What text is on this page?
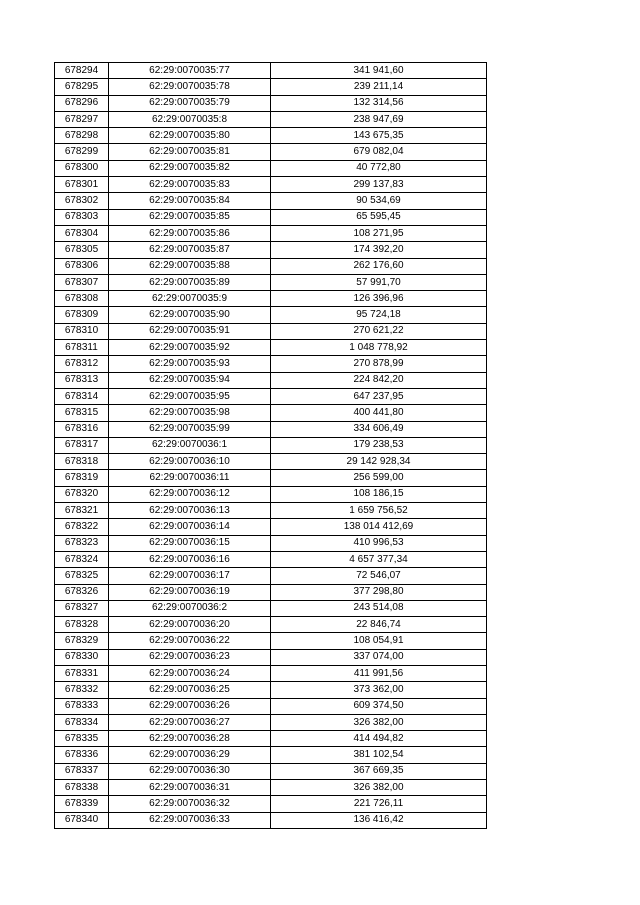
678294	62:29:0070035:77	341 941,60
678295	62:29:0070035:78	239 211,14
678296	62:29:0070035:79	132 314,56
678297	62:29:0070035:8	238 947,69
678298	62:29:0070035:80	143 675,35
678299	62:29:0070035:81	679 082,04
678300	62:29:0070035:82	40 772,80
678301	62:29:0070035:83	299 137,83
678302	62:29:0070035:84	90 534,69
678303	62:29:0070035:85	65 595,45
678304	62:29:0070035:86	108 271,95
678305	62:29:0070035:87	174 392,20
678306	62:29:0070035:88	262 176,60
678307	62:29:0070035:89	57 991,70
678308	62:29:0070035:9	126 396,96
678309	62:29:0070035:90	95 724,18
678310	62:29:0070035:91	270 621,22
678311	62:29:0070035:92	1 048 778,92
678312	62:29:0070035:93	270 878,99
678313	62:29:0070035:94	224 842,20
678314	62:29:0070035:95	647 237,95
678315	62:29:0070035:98	400 441,80
678316	62:29:0070035:99	334 606,49
678317	62:29:0070036:1	179 238,53
678318	62:29:0070036:10	29 142 928,34
678319	62:29:0070036:11	256 599,00
678320	62:29:0070036:12	108 186,15
678321	62:29:0070036:13	1 659 756,52
678322	62:29:0070036:14	138 014 412,69
678323	62:29:0070036:15	410 996,53
678324	62:29:0070036:16	4 657 377,34
678325	62:29:0070036:17	72 546,07
678326	62:29:0070036:19	377 298,80
678327	62:29:0070036:2	243 514,08
678328	62:29:0070036:20	22 846,74
678329	62:29:0070036:22	108 054,91
678330	62:29:0070036:23	337 074,00
678331	62:29:0070036:24	411 991,56
678332	62:29:0070036:25	373 362,00
678333	62:29:0070036:26	609 374,50
678334	62:29:0070036:27	326 382,00
678335	62:29:0070036:28	414 494,82
678336	62:29:0070036:29	381 102,54
678337	62:29:0070036:30	367 669,35
678338	62:29:0070036:31	326 382,00
678339	62:29:0070036:32	221 726,11
678340	62:29:0070036:33	136 416,42
